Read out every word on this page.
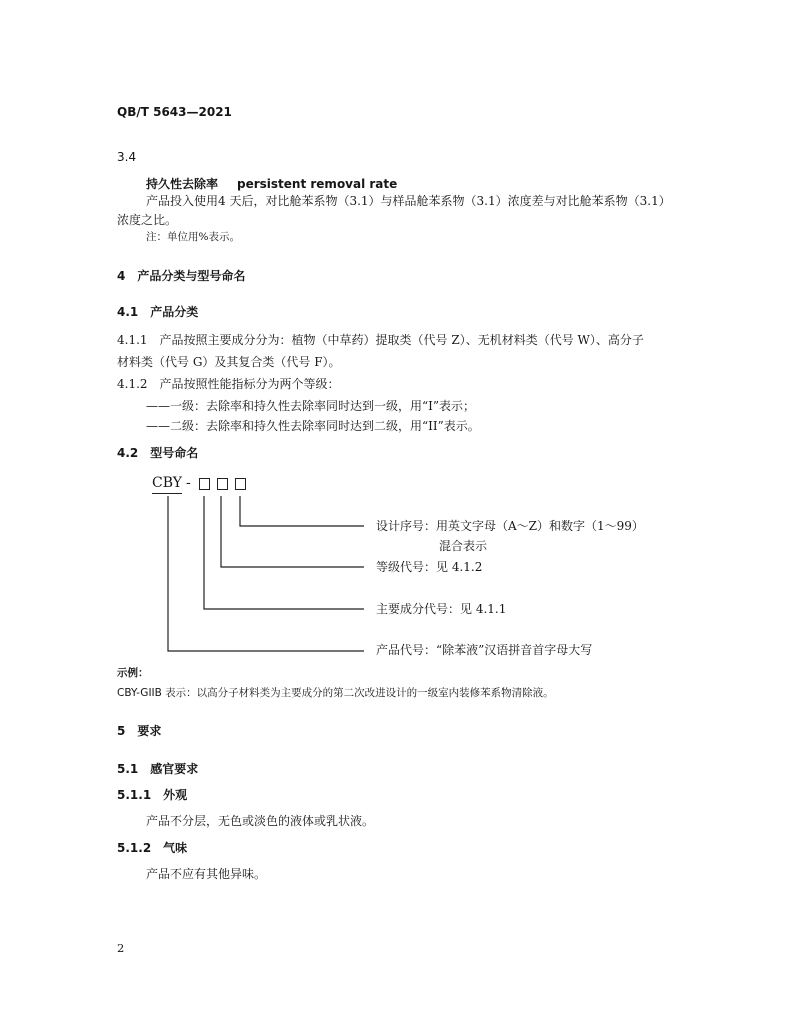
QB/T 5643—2021
3.4
持久性去除率 persistent removal rate
产品投入使用4 天后，对比舱苯系物（3.1）与样品舱苯系物（3.1）浓度差与对比舱苯系物（3.1）
浓度之比。
注：单位用%表示。
4　产品分类与型号命名
4.1　产品分类
4.1.1　产品按照主要成分分为：植物（中草药）提取类（代号 Z）、无机材料类（代号 W）、高分子
材料类（代号 G）及其复合类（代号 F）。
4.1.2　产品按照性能指标分为两个等级：
——一级：去除率和持久性去除率同时达到一级，用“I”表示；
——二级：去除率和持久性去除率同时达到二级，用“II”表示。
4.2　型号命名
CBY -
设计序号：用英文字母（A～Z）和数字（1～99）
混合表示
等级代号：见 4.1.2
主要成分代号：见 4.1.1
产品代号：“除苯液”汉语拼音首字母大写
示例：
CBY-GIIB 表示：以高分子材料类为主要成分的第二次改进设计的一级室内装修苯系物清除液。
5　要求
5.1　感官要求
5.1.1　外观
产品不分层，无色或淡色的液体或乳状液。
5.1.2　气味
产品不应有其他异味。
2
